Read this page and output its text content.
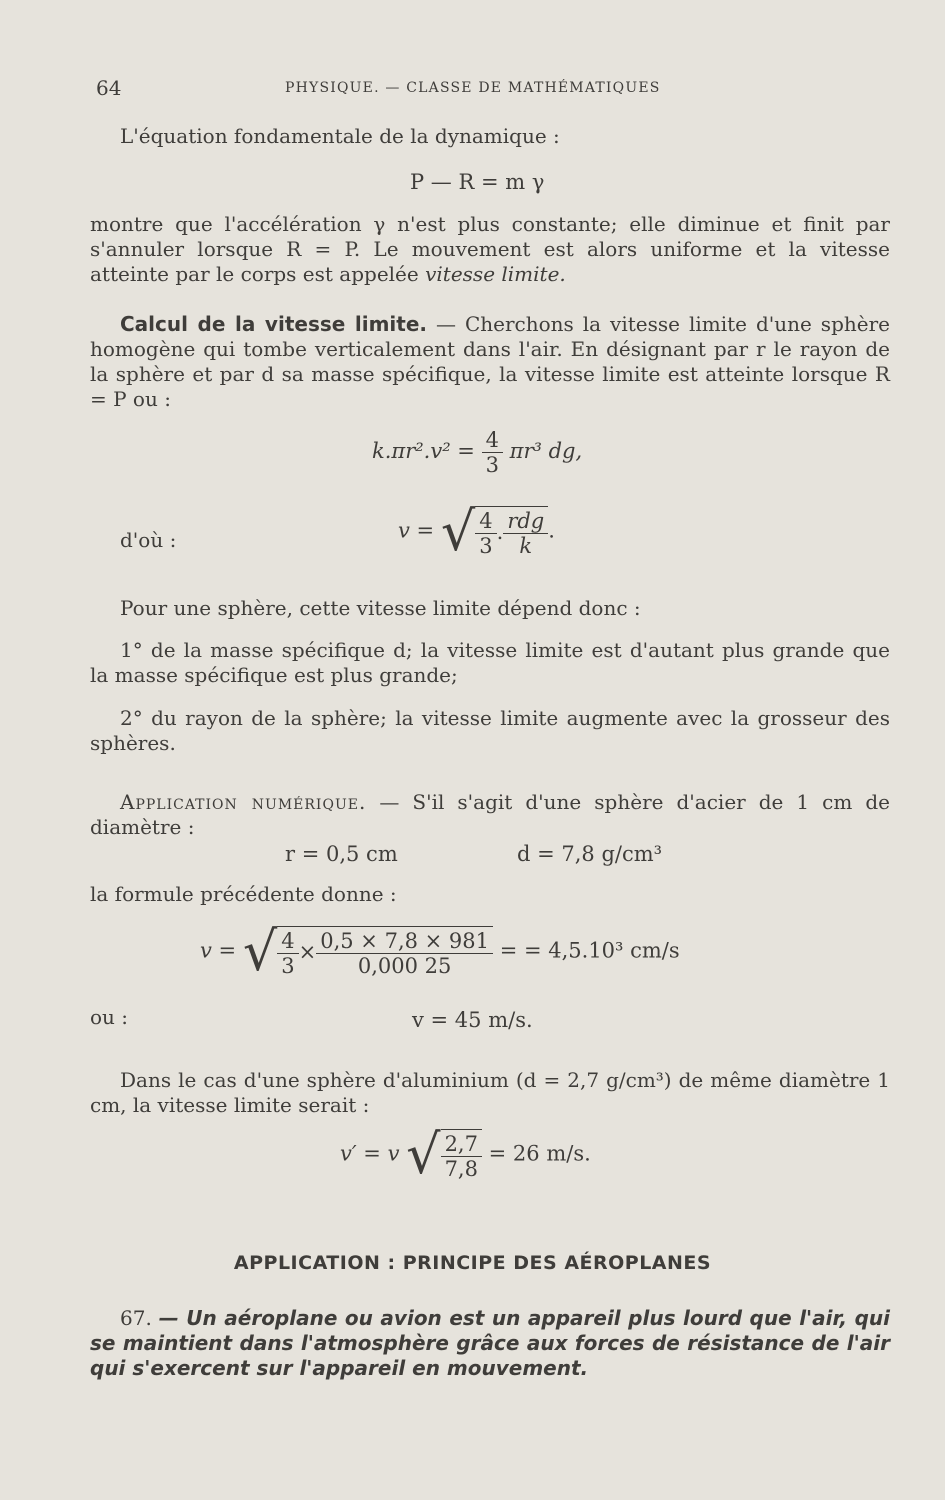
64	PHYSIQUE. — CLASSE DE MATHÉMATIQUES

L'équation fondamentale de la dynamique :

P — R = m γ

montre que l'accélération γ n'est plus constante; elle diminue et finit par s'annuler lorsque R = P. Le mouvement est alors uniforme et la vitesse atteinte par le corps est appelée vitesse limite.

Calcul de la vitesse limite. — Cherchons la vitesse limite d'une sphère homogène qui tombe verticalement dans l'air. En désignant par r le rayon de la sphère et par d sa masse spécifique, la vitesse limite est atteinte lorsque R = P ou :

$k.\pi r^2.v^2 = \frac{4}{3} \pi r^3$ dg,
d'où :	v = √ $\frac{4}{3}$ . $\frac{\text{rdg}}{k}$ .

Pour une sphère, cette vitesse limite dépend donc :

1° de la masse spécifique d; la vitesse limite est d'autant plus grande que la masse spécifique est plus grande;

2° du rayon de la sphère; la vitesse limite augmente avec la grosseur des sphères.

Application numérique. — S'il s'agit d'une sphère d'acier de 1 cm de diamètre :

r = 0,5 cm	d = 7,8 g/cm³

la formule précédente donne :

v = √ $\frac{4}{3} \times \frac{0,5 \times 7,8 \times 981}{0,000 25}$ = = 4,5.10³ cm/s
ou :	v = 45 m/s.

Dans le cas d'une sphère d'aluminium (d = 2,7 g/cm³) de même diamètre 1 cm, la vitesse limite serait :

v′ = v √ $\frac{2,7}{7,8} = 26$ m/s.
APPLICATION : PRINCIPE DES AÉROPLANES

67. — Un aéroplane ou avion est un appareil plus lourd que l'air, qui se maintient dans l'atmosphère grâce aux forces de résistance de l'air qui s'exercent sur l'appareil en mouvement.
